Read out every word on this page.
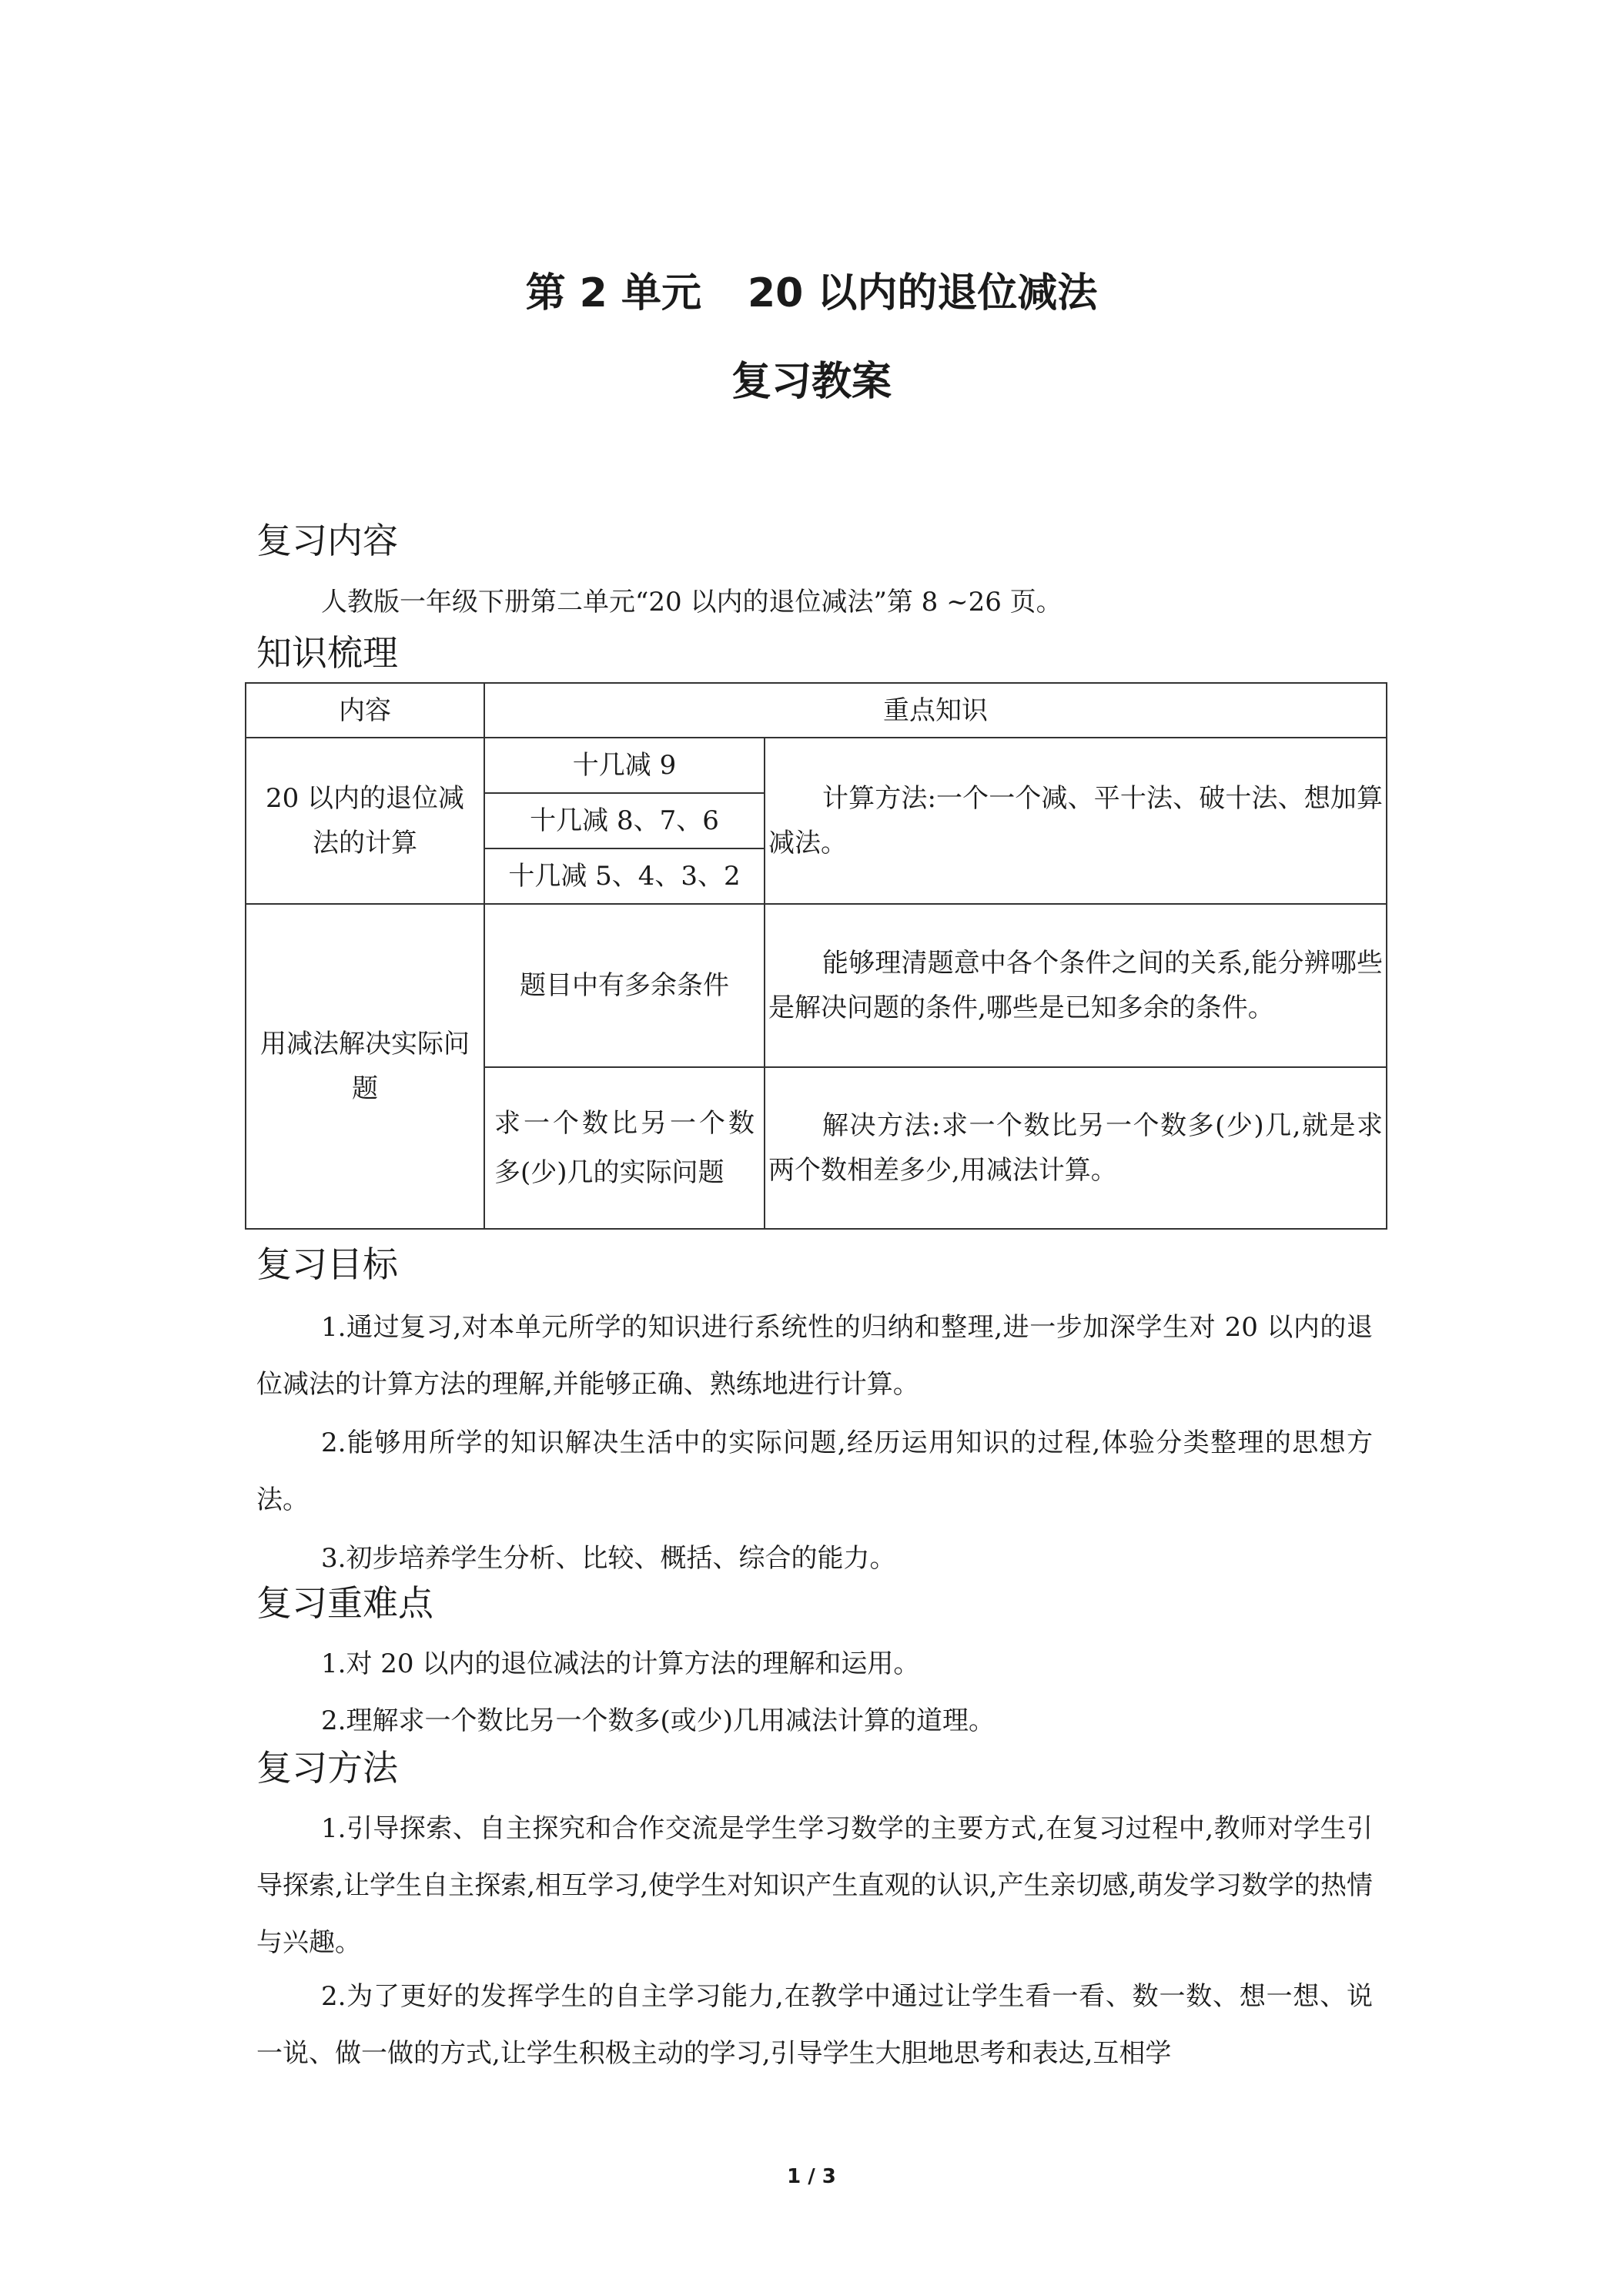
第 2 单元 20 以内的退位减法
复习教案
复习内容

人教版一年级下册第二单元“20 以内的退位减法”第 8 ~26 页。

知识梳理
内容	重点知识	
20 以内的退位减法的计算	十几减 9	计算方法:一个一个减、平十法、破十法、想加算减法。
	十几减 8、7、6	
	十几减 5、4、3、2	
用减法解决实际问题	题目中有多余条件	能够理清题意中各个条件之间的关系,能分辨哪些是解决问题的条件,哪些是已知多余的条件。
	求一个数比另一个数多(少)几的实际问题	解决方法:求一个数比另一个数多(少)几,就是求两个数相差多少,用减法计算。
复习目标

1.通过复习,对本单元所学的知识进行系统性的归纳和整理,进一步加深学生对 20 以内的退位减法的计算方法的理解,并能够正确、熟练地进行计算。

2.能够用所学的知识解决生活中的实际问题,经历运用知识的过程,体验分类整理的思想方法。

3.初步培养学生分析、比较、概括、综合的能力。

复习重难点

1.对 20 以内的退位减法的计算方法的理解和运用。

2.理解求一个数比另一个数多(或少)几用减法计算的道理。

复习方法

1.引导探索、自主探究和合作交流是学生学习数学的主要方式,在复习过程中,教师对学生引导探索,让学生自主探索,相互学习,使学生对知识产生直观的认识,产生亲切感,萌发学习数学的热情与兴趣。

2.为了更好的发挥学生的自主学习能力,在教学中通过让学生看一看、数一数、想一想、说一说、做一做的方式,让学生积极主动的学习,引导学生大胆地思考和表达,互相学

1 / 3
